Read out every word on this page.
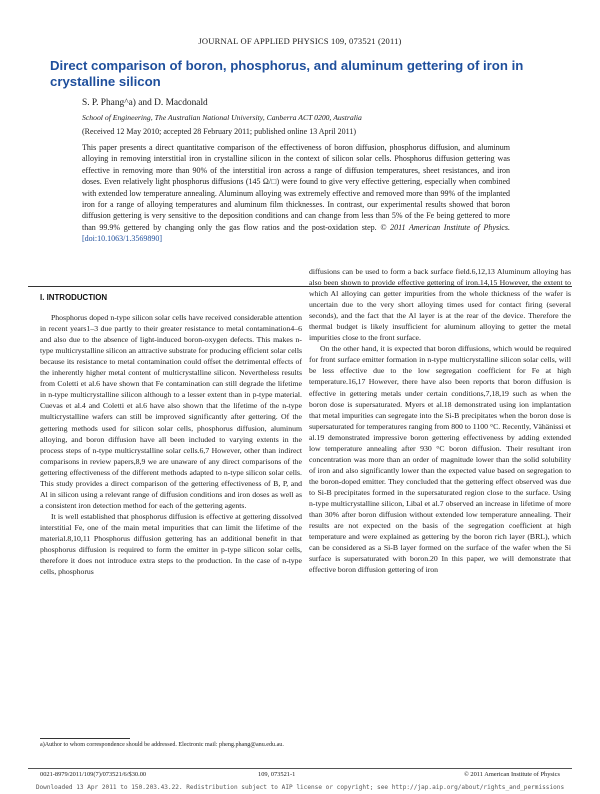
JOURNAL OF APPLIED PHYSICS 109, 073521 (2011)
Direct comparison of boron, phosphorus, and aluminum gettering of iron in crystalline silicon
S. P. Phang^a) and D. Macdonald
School of Engineering, The Australian National University, Canberra ACT 0200, Australia
(Received 12 May 2010; accepted 28 February 2011; published online 13 April 2011)

This paper presents a direct quantitative comparison of the effectiveness of boron diffusion, phosphorus diffusion, and aluminum alloying in removing interstitial iron in crystalline silicon in the context of silicon solar cells. Phosphorus diffusion gettering was effective in removing more than 90% of the interstitial iron across a range of diffusion temperatures, sheet resistances, and iron doses. Even relatively light phosphorus diffusions (145 Ω/□) were found to give very effective gettering, especially when combined with extended low temperature annealing. Aluminum alloying was extremely effective and removed more than 99% of the implanted iron for a range of alloying temperatures and aluminum film thicknesses. In contrast, our experimental results showed that boron diffusion gettering is very sensitive to the deposition conditions and can change from less than 5% of the Fe being gettered to more than 99.9% gettered by changing only the gas flow ratios and the post-oxidation step. © 2011 American Institute of Physics. [doi:10.1063/1.3569890]

I. INTRODUCTION

Phosphorus doped n-type silicon solar cells have received considerable attention in recent years1–3 due partly to their greater resistance to metal contamination4–6 and also due to the absence of light-induced boron-oxygen defects. This makes n-type multicrystalline silicon an attractive substrate for producing efficient solar cells because its resistance to metal contamination could offset the detrimental effects of the inherently higher metal content of multicrystalline silicon. Nevertheless results from Coletti et al.6 have shown that Fe contamination can still degrade the lifetime in n-type multicrystalline silicon although to a lesser extent than in p-type material. Cuevas et al.4 and Coletti et al.6 have also shown that the lifetime of the n-type multicrystalline wafers can still be improved significantly after gettering. Of the gettering methods used for silicon solar cells, phosphorus diffusion, aluminum alloying, and boron diffusion have all been included to varying extents in the process steps of n-type multicrystalline solar cells.6,7 However, other than indirect comparisons in review papers,8,9 we are unaware of any direct comparisons of the gettering effectiveness of the different methods adapted to n-type silicon solar cells. This study provides a direct comparison of the gettering effectiveness of B, P, and Al in silicon using a relevant range of diffusion conditions and iron doses as well as a consistent iron detection method for each of the gettering agents.

It is well established that phosphorus diffusion is effective at gettering dissolved interstitial Fe, one of the main metal impurities that can limit the lifetime of the material.8,10,11 Phosphorus diffusion gettering has an additional benefit in that phosphorus diffusion is required to form the emitter in p-type silicon solar cells, therefore it does not introduce extra steps to the production. In the case of n-type cells, phosphorus

diffusions can be used to form a back surface field.6,12,13 Aluminum alloying has also been shown to provide effective gettering of iron.14,15 However, the extent to which Al alloying can getter impurities from the whole thickness of the wafer is uncertain due to the very short alloying times used for contact firing (several seconds), and the fact that the Al layer is at the rear of the device. Therefore the thermal budget is likely insufficient for aluminum alloying to getter the metal impurities close to the front surface.

On the other hand, it is expected that boron diffusions, which would be required for front surface emitter formation in n-type multicrystalline silicon solar cells, will be less effective due to the low segregation coefficient for Fe at high temperature.16,17 However, there have also been reports that boron diffusion is effective in gettering metals under certain conditions,7,18,19 such as when the boron dose is supersaturated. Myers et al.18 demonstrated using ion implantation that metal impurities can segregate into the Si-B precipitates when the boron dose is supersaturated for temperatures ranging from 800 to 1100 °C. Recently, Vähänissi et al.19 demonstrated impressive boron gettering effectiveness by adding extended low temperature annealing after 930 °C boron diffusion. Their resultant iron concentration was more than an order of magnitude lower than the solid solubility of iron and also significantly lower than the expected value based on segregation to the boron-doped emitter. They concluded that the gettering effect observed was due to Si-B precipitates formed in the supersaturated region close to the surface. Using n-type multicrystalline silicon, Libal et al.7 observed an increase in lifetime of more than 30% after boron diffusion without extended low temperature annealing. Their results are not expected on the basis of the segregation coefficient at high temperature and were explained as gettering by the boron rich layer (BRL), which can be considered as a Si-B layer formed on the surface of the wafer when the Si surface is supersaturated with boron.20 In this paper, we will demonstrate that effective boron diffusion gettering of iron

a)Author to whom correspondence should be addressed. Electronic mail: pheng.phang@anu.edu.au.
0021-8979/2011/109(7)/073521/6/$30.00	109, 073521-1	© 2011 American Institute of Physics
Downloaded 13 Apr 2011 to 150.203.43.22. Redistribution subject to AIP license or copyright; see http://jap.aip.org/about/rights_and_permissions
